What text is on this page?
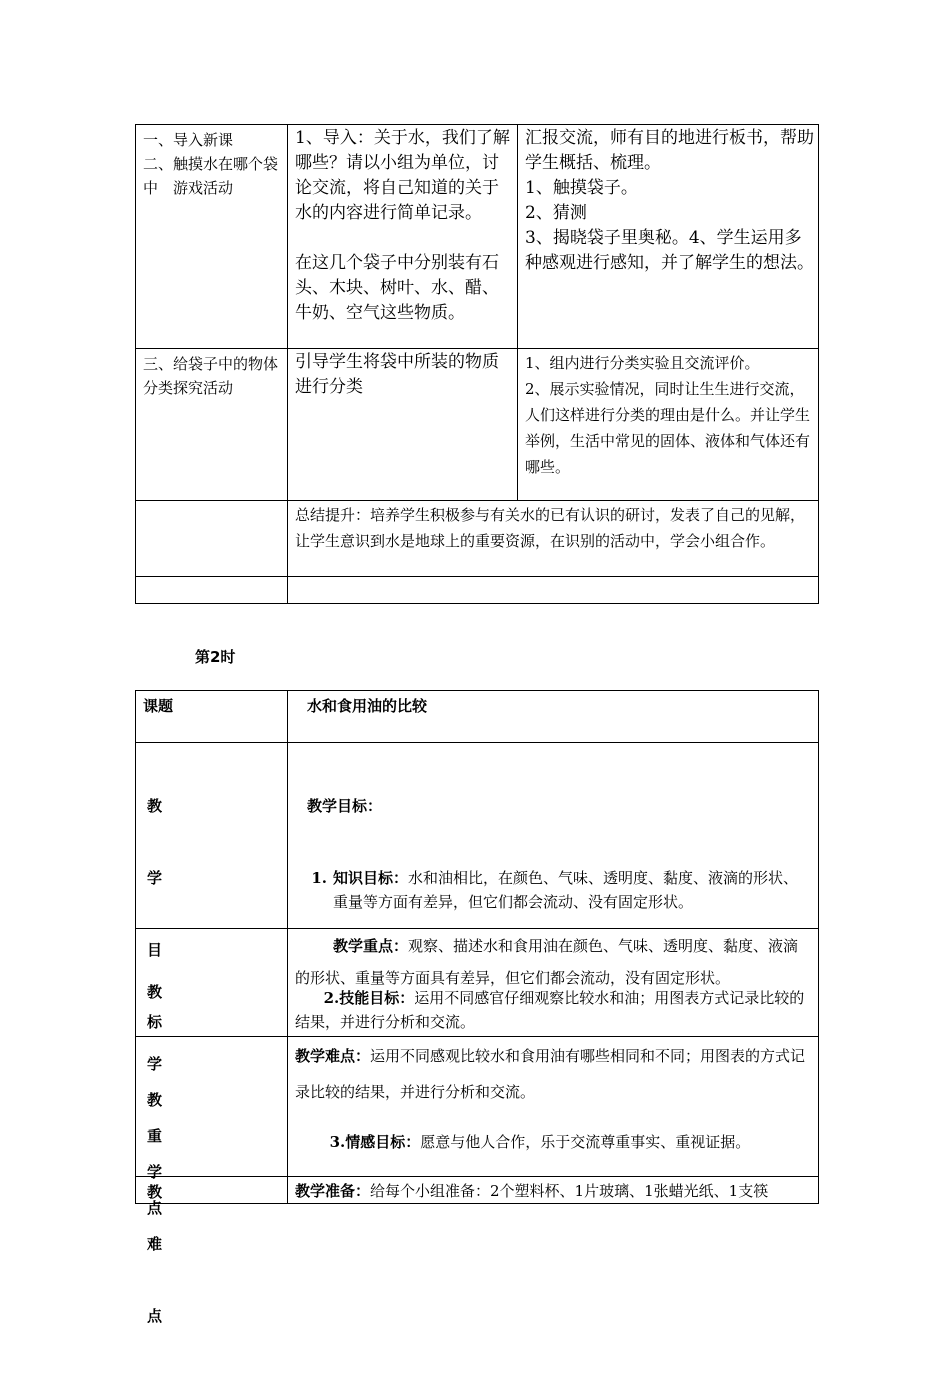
一、导入新课
二、触摸水在哪个袋中　游戏活动
1、导入：关于水，我们了解哪些？请以小组为单位，讨论交流，将自己知道的关于水的内容进行简单记录。

在这几个袋子中分别装有石头、木块、树叶、水、醋、牛奶、空气这些物质。
汇报交流，师有目的地进行板书，帮助学生概括、梳理。
1、触摸袋子。
2、猜测
3、揭晓袋子里奥秘。4、学生运用多种感观进行感知，并了解学生的想法。
三、给袋子中的物体分类探究活动
引导学生将袋中所装的物质进行分类
1、组内进行分类实验且交流评价。
2、展示实验情况，同时让生生进行交流，人们这样进行分类的理由是什么。并让学生举例，生活中常见的固体、液体和气体还有哪些。
总结提升：培养学生积极参与有关水的已有认识的研讨，发表了自己的见解，让学生意识到水是地球上的重要资源，在识别的活动中，学会小组合作。
第2时
课题	水和食用油的比较

教

学

目

标

教学目标：

1. 知识目标：水和油相比，在颜色、气味、透明度、黏度、液滴的形状、重量等方面有差异，但它们都会流动、没有固定形状。

2.技能目标：运用不同感官仔细观察比较水和油；用图表方式记录比较的结果，并进行分析和交流。

3.情感目标：愿意与他人合作，乐于交流尊重事实、重视证据。

教

学

重

点

教学重点：观察、描述水和食用油在颜色、气味、透明度、黏度、液滴的形状、重量等方面具有差异，但它们都会流动，没有固定形状。

教

学

难

点

教学难点：运用不同感观比较水和食用油有哪些相同和不同；用图表的方式记录比较的结果，并进行分析和交流。
教	教学准备：给每个小组准备：2个塑料杯、1片玻璃、1张蜡光纸、1支筷
